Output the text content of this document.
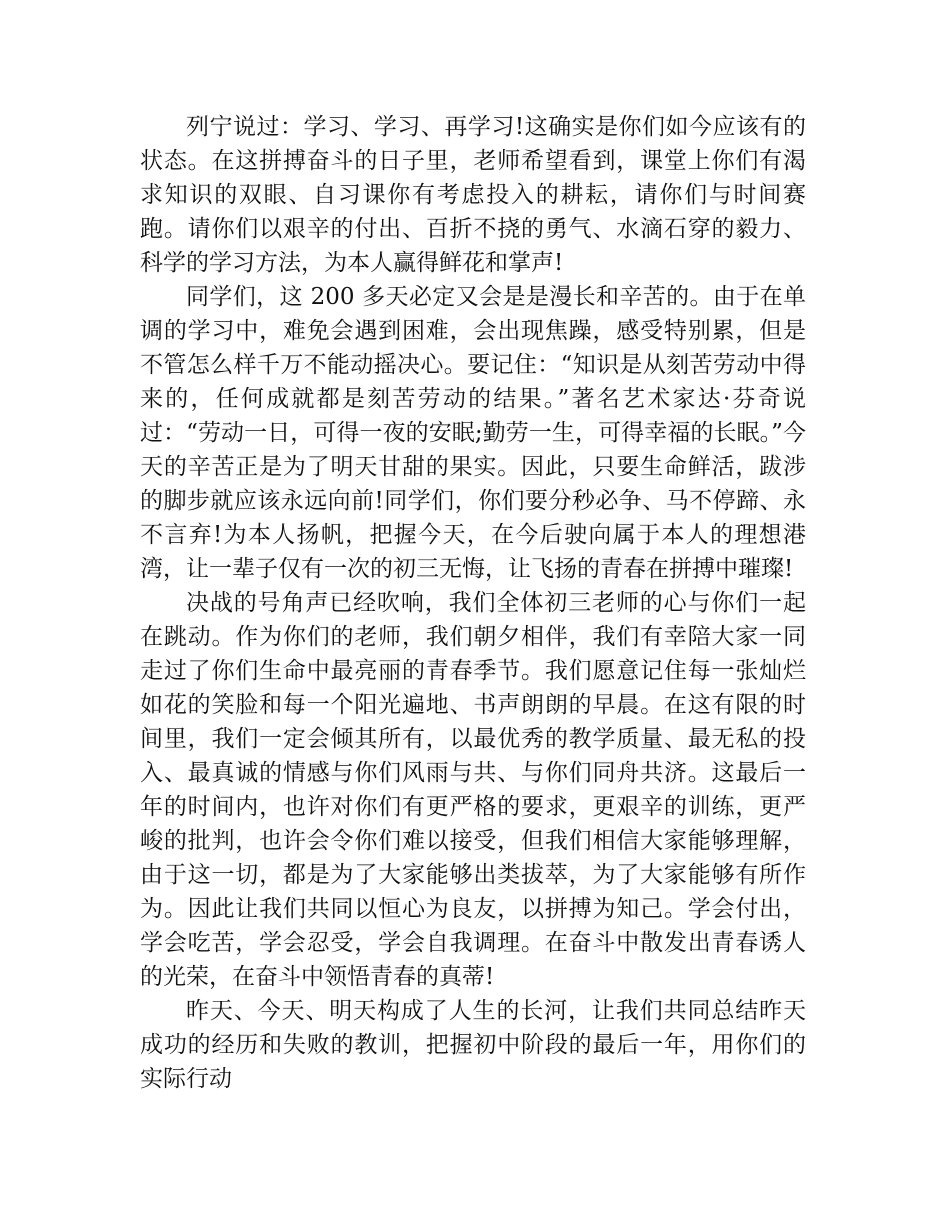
列宁说过：学习、学习、再学习!这确实是你们如今应该有的状态。在这拼搏奋斗的日子里，老师希望看到，课堂上你们有渴求知识的双眼、自习课你有考虑投入的耕耘，请你们与时间赛跑。请你们以艰辛的付出、百折不挠的勇气、水滴石穿的毅力、科学的学习方法，为本人赢得鲜花和掌声!

同学们，这 200 多天必定又会是是漫长和辛苦的。由于在单调的学习中，难免会遇到困难，会出现焦躁，感受特别累，但是不管怎么样千万不能动摇决心。要记住：“知识是从刻苦劳动中得来的，任何成就都是刻苦劳动的结果。”著名艺术家达·芬奇说过：“劳动一日，可得一夜的安眠;勤劳一生，可得幸福的长眠。”今天的辛苦正是为了明天甘甜的果实。因此，只要生命鲜活，跋涉的脚步就应该永远向前!同学们，你们要分秒必争、马不停蹄、永不言弃!为本人扬帆，把握今天，在今后驶向属于本人的理想港湾，让一辈子仅有一次的初三无悔，让飞扬的青春在拼搏中璀璨!

决战的号角声已经吹响，我们全体初三老师的心与你们一起在跳动。作为你们的老师，我们朝夕相伴，我们有幸陪大家一同走过了你们生命中最亮丽的青春季节。我们愿意记住每一张灿烂如花的笑脸和每一个阳光遍地、书声朗朗的早晨。在这有限的时间里，我们一定会倾其所有，以最优秀的教学质量、最无私的投入、最真诚的情感与你们风雨与共、与你们同舟共济。这最后一年的时间内，也许对你们有更严格的要求，更艰辛的训练，更严峻的批判，也许会令你们难以接受，但我们相信大家能够理解，由于这一切，都是为了大家能够出类拔萃，为了大家能够有所作为。因此让我们共同以恒心为良友，以拼搏为知己。学会付出，学会吃苦，学会忍受，学会自我调理。在奋斗中散发出青春诱人的光荣，在奋斗中领悟青春的真蒂!

昨天、今天、明天构成了人生的长河，让我们共同总结昨天成功的经历和失败的教训，把握初中阶段的最后一年，用你们的实际行动
